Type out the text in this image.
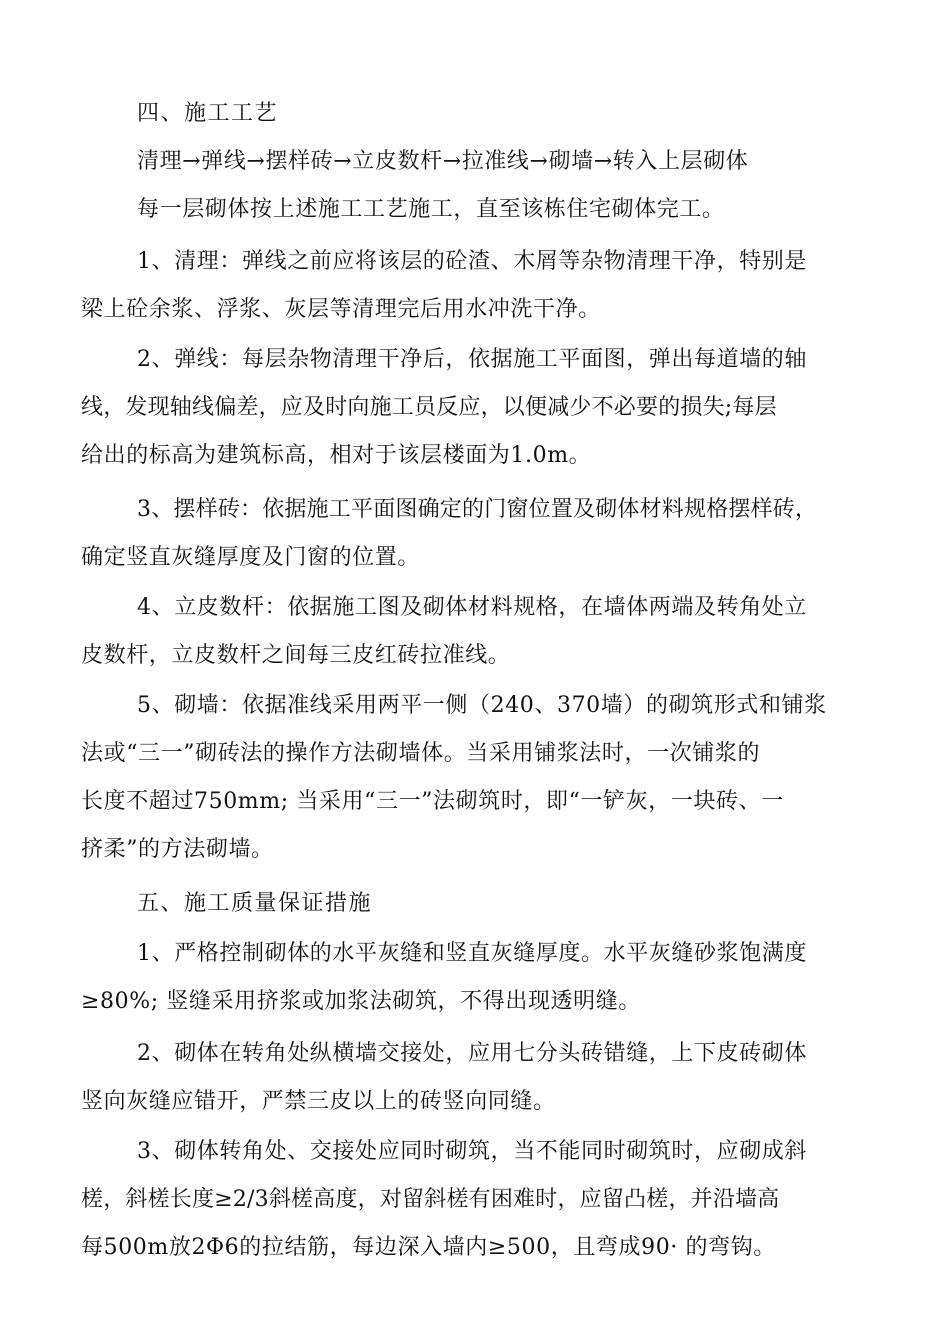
四、施工工艺
清理→弹线→摆样砖→立皮数杆→拉准线→砌墙→转入上层砌体
每一层砌体按上述施工工艺施工，直至该栋住宅砌体完工。
1、清理：弹线之前应将该层的砼渣、木屑等杂物清理干净，特别是
梁上砼余浆、浮浆、灰层等清理完后用水冲洗干净。
2、弹线：每层杂物清理干净后，依据施工平面图，弹出每道墙的轴
线，发现轴线偏差，应及时向施工员反应，以便减少不必要的损失;每层
给出的标高为建筑标高，相对于该层楼面为1.0m。
3、摆样砖：依据施工平面图确定的门窗位置及砌体材料规格摆样砖，
确定竖直灰缝厚度及门窗的位置。
4、立皮数杆：依据施工图及砌体材料规格，在墙体两端及转角处立
皮数杆，立皮数杆之间每三皮红砖拉准线。
5、砌墙：依据准线采用两平一侧（240、370墙）的砌筑形式和铺浆
法或“三一”砌砖法的操作方法砌墙体。当采用铺浆法时，一次铺浆的
长度不超过750mm; 当采用“三一”法砌筑时，即“一铲灰，一块砖、一
挤柔”的方法砌墙。
五、施工质量保证措施
1、严格控制砌体的水平灰缝和竖直灰缝厚度。水平灰缝砂浆饱满度
≥80%; 竖缝采用挤浆或加浆法砌筑，不得出现透明缝。
2、砌体在转角处纵横墙交接处，应用七分头砖错缝，上下皮砖砌体
竖向灰缝应错开，严禁三皮以上的砖竖向同缝。
3、砌体转角处、交接处应同时砌筑，当不能同时砌筑时，应砌成斜
槎，斜槎长度≥2/3斜槎高度，对留斜槎有困难时，应留凸槎，并沿墙高
每500m放2Φ6的拉结筋，每边深入墙内≥500，且弯成90· 的弯钩。
